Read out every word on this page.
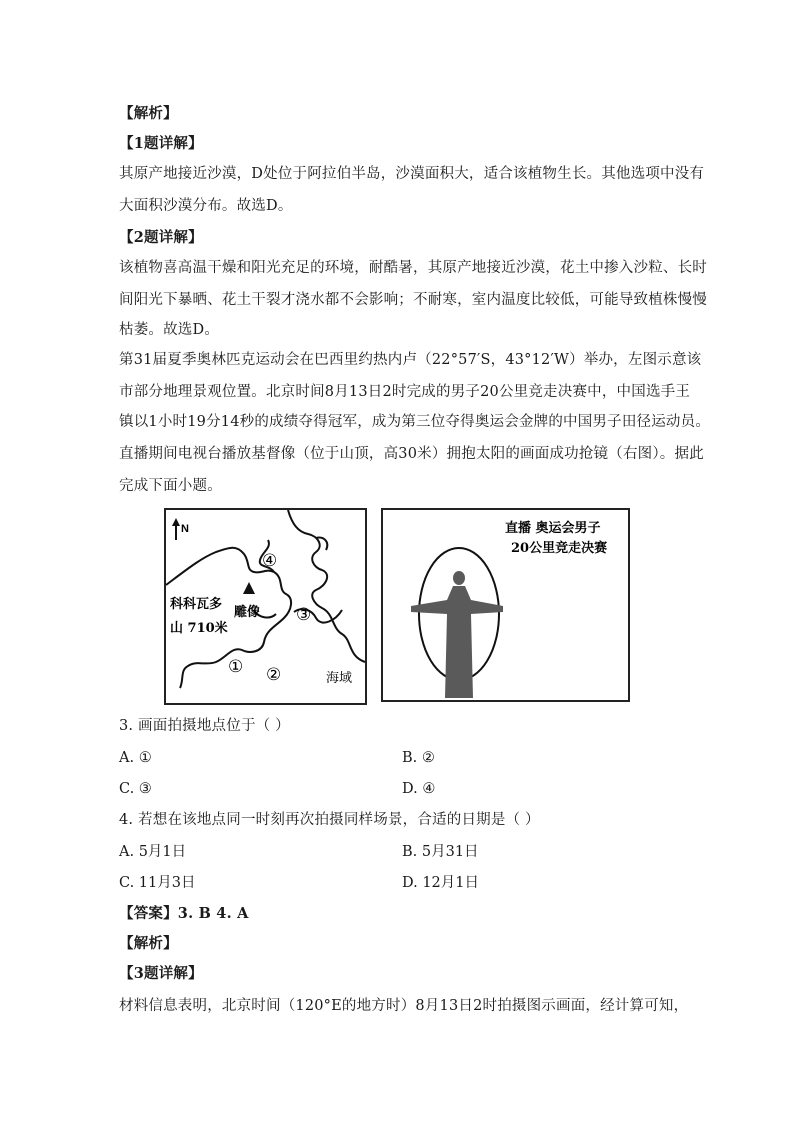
【解析】
【1题详解】
其原产地接近沙漠，D处位于阿拉伯半岛，沙漠面积大，适合该植物生长。其他选项中没有
大面积沙漠分布。故选D。
【2题详解】
该植物喜高温干燥和阳光充足的环境，耐酷暑，其原产地接近沙漠，花土中掺入沙粒、长时
间阳光下暴晒、花土干裂才浇水都不会影响；不耐寒，室内温度比较低，可能导致植株慢慢
枯萎。故选D。
第31届夏季奥林匹克运动会在巴西里约热内卢（22°57′S，43°12′W）举办，左图示意该
市部分地理景观位置。北京时间8月13日2时完成的男子20公里竞走决赛中，中国选手王
镇以1小时19分14秒的成绩夺得冠军，成为第三位夺得奥运会金牌的中国男子田径运动员。
直播期间电视台播放基督像（位于山顶，高30米）拥抱太阳的画面成功抢镜（右图）。据此
完成下面小题。
N
科科瓦多
山 710米
雕像
④
③
① ②	海域
直播 奥运会男子
20公里竞走决赛
3. 画面拍摄地点位于（ ）
A. ①	B. ②
C. ③	D. ④
4. 若想在该地点同一时刻再次拍摄同样场景，合适的日期是（ ）
A. 5月1日	B. 5月31日
C. 11月3日	D. 12月1日
【答案】3. B 4. A
【解析】
【3题详解】
材料信息表明，北京时间（120°E的地方时）8月13日2时拍摄图示画面，经计算可知，
